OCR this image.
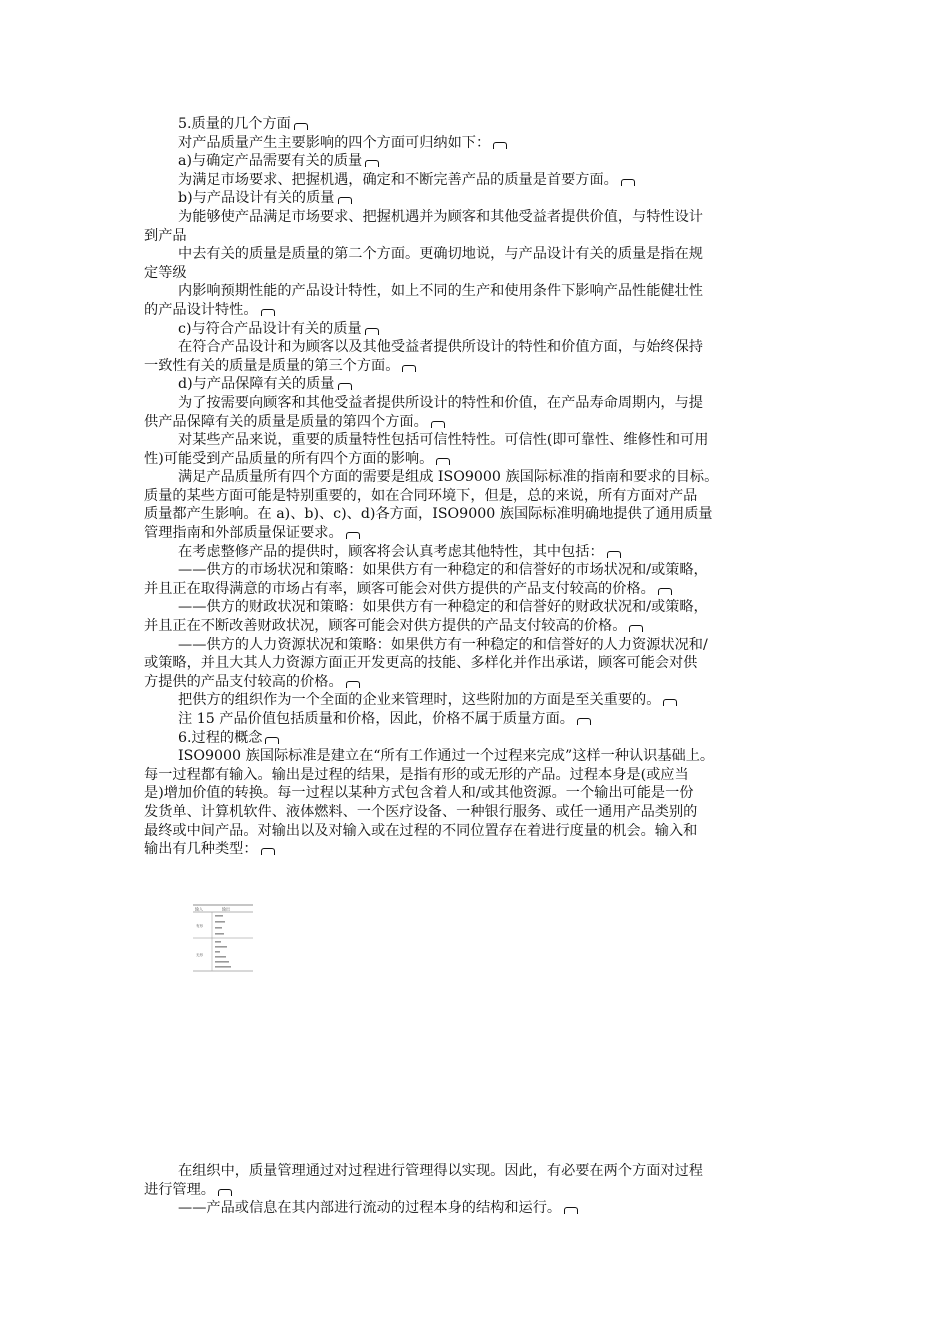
5.质量的几个方面
对产品质量产生主要影响的四个方面可归纳如下：
a)与确定产品需要有关的质量
为满足市场要求、把握机遇，确定和不断完善产品的质量是首要方面。
b)与产品设计有关的质量
为能够使产品满足市场要求、把握机遇并为顾客和其他受益者提供价值，与特性设计
到产品
中去有关的质量是质量的第二个方面。更确切地说，与产品设计有关的质量是指在规
定等级
内影响预期性能的产品设计特性，如上不同的生产和使用条件下影响产品性能健壮性
的产品设计特性。
c)与符合产品设计有关的质量
在符合产品设计和为顾客以及其他受益者提供所设计的特性和价值方面，与始终保持
一致性有关的质量是质量的第三个方面。
d)与产品保障有关的质量
为了按需要向顾客和其他受益者提供所设计的特性和价值，在产品寿命周期内，与提
供产品保障有关的质量是质量的第四个方面。
对某些产品来说，重要的质量特性包括可信性特性。可信性(即可靠性、维修性和可用
性)可能受到产品质量的所有四个方面的影响。
满足产品质量所有四个方面的需要是组成 ISO9000 族国际标准的指南和要求的目标。
质量的某些方面可能是特别重要的，如在合同环境下，但是，总的来说，所有方面对产品
质量都产生影响。在 a)、b)、c)、d)各方面，ISO9000 族国际标准明确地提供了通用质量
管理指南和外部质量保证要求。
在考虑整修产品的提供时，顾客将会认真考虑其他特性，其中包括：
——供方的市场状况和策略：如果供方有一种稳定的和信誉好的市场状况和/或策略，
并且正在取得满意的市场占有率，顾客可能会对供方提供的产品支付较高的价格。
——供方的财政状况和策略：如果供方有一种稳定的和信誉好的财政状况和/或策略，
并且正在不断改善财政状况，顾客可能会对供方提供的产品支付较高的价格。
——供方的人力资源状况和策略：如果供方有一种稳定的和信誉好的人力资源状况和/
或策略，并且大其人力资源方面正开发更高的技能、多样化并作出承诺，顾客可能会对供
方提供的产品支付较高的价格。
把供方的组织作为一个全面的企业来管理时，这些附加的方面是至关重要的。
注 15 产品价值包括质量和价格，因此，价格不属于质量方面。
6.过程的概念
ISO9000 族国际标准是建立在“所有工作通过一个过程来完成”这样一种认识基础上。
每一过程都有输入。输出是过程的结果，是指有形的或无形的产品。过程本身是(或应当
是)增加价值的转换。每一过程以某种方式包含着人和/或其他资源。一个输出可能是一份
发货单、计算机软件、液体燃料、一个医疗设备、一种银行服务、或任一通用产品类别的
最终或中间产品。对输出以及对输入或在过程的不同位置存在着进行度量的机会。输入和
输出有几种类型：
输入	输出
有形
无形
在组织中，质量管理通过对过程进行管理得以实现。因此，有必要在两个方面对过程
进行管理。
——产品或信息在其内部进行流动的过程本身的结构和运行。
